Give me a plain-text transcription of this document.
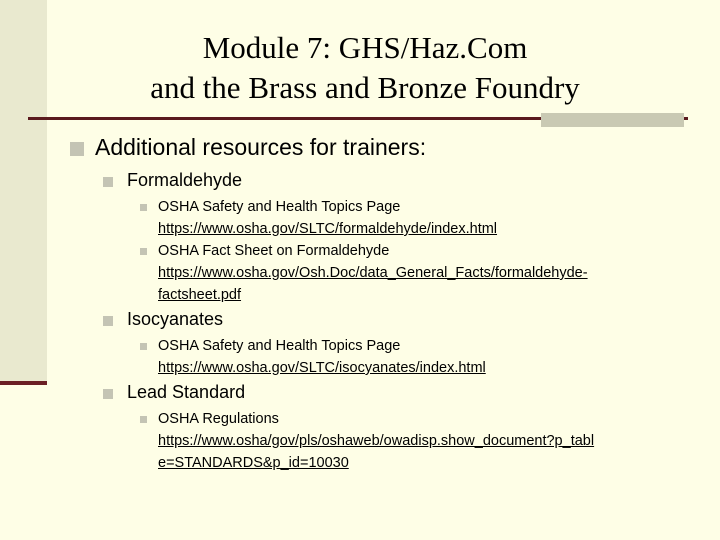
Module 7: GHS/Haz.Com
and the Brass and Bronze Foundry
Additional resources for trainers:
Formaldehyde
OSHA Safety and Health Topics Page
https://www.osha.gov/SLTC/formaldehyde/index.html
OSHA Fact Sheet on Formaldehyde
https://www.osha.gov/Osh.Doc/data_General_Facts/formaldehyde-
factsheet.pdf
Isocyanates
OSHA Safety and Health Topics Page
https://www.osha.gov/SLTC/isocyanates/index.html
Lead Standard
OSHA Regulations
https://www.osha/gov/pls/oshaweb/owadisp.show_document?p_tabl
e=STANDARDS&p_id=10030
